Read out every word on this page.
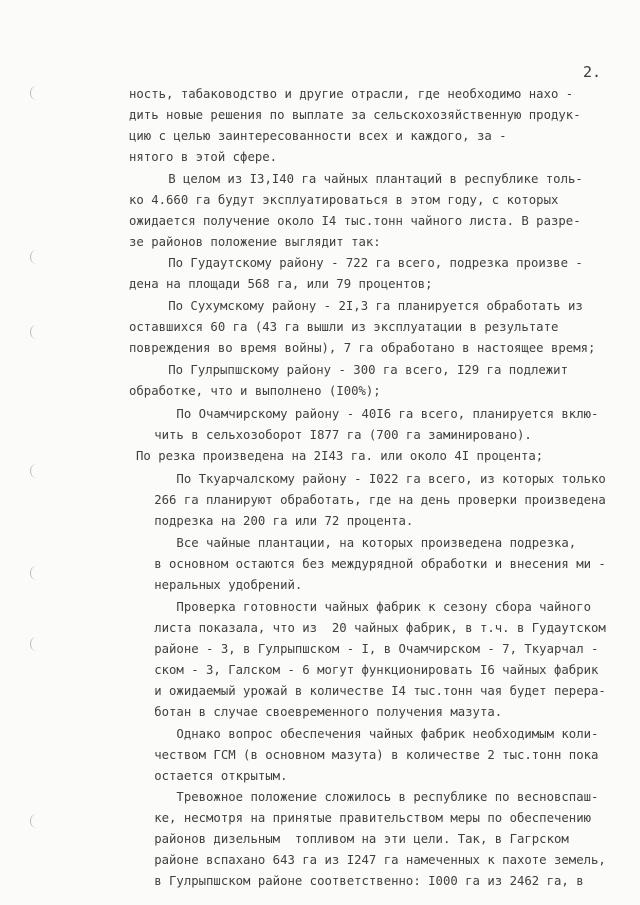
2.

ность, табаководство и другие отрасли, где необходимо нахо -

дить новые решения по выплате за сельскохозяйственную продук-

цию с целью заинтересованности всех и каждого, за -

нятого в этой сфере.

В целом из I3,I40 га чайных плантаций в республике толь-

ко 4.660 га будут эксплуатироваться в этом году, с которых

ожидается получение около I4 тыс.тонн чайного листа. В разре-

зе районов положение выглядит так:

По Гудаутскому району - 722 га всего, подрезка произве -

дена на площади 568 га, или 79 процентов;

По Сухумскому району - 2I,3 га планируется обработать из

оставшихся 60 га (43 га вышли из эксплуатации в результате

повреждения во время войны), 7 га обработано в настоящее время;

По Гулрыпшскому району - 300 га всего, I29 га подлежит

обработке, что и выполнено (I00%);

По Очамчирскому району - 40I6 га всего, планируется вклю-

чить в сельхозоборот I877 га (700 га заминировано).

По резка произведена на 2I43 га. или около 4I процента;

По Ткуарчалскому району - I022 га всего, из которых только

266 га планируют обработать, где на день проверки произведена

подрезка на 200 га или 72 процента.

Все чайные плантации, на которых произведена подрезка,

в основном остаются без междурядной обработки и внесения ми -

неральных удобрений.

Проверка готовности чайных фабрик к сезону сбора чайного

листа показала, что из  20 чайных фабрик, в т.ч. в Гудаутском

районе - 3, в Гулрыпшском - I, в Очамчирском - 7, Ткуарчал -

ском - 3, Галском - 6 могут функционировать I6 чайных фабрик

и ожидаемый урожай в количестве I4 тыс.тонн чая будет перера-

ботан в случае своевременного получения мазута.

Однако вопрос обеспечения чайных фабрик необходимым коли-

чеством ГСМ (в основном мазута) в количестве 2 тыс.тонн пока

остается открытым.

Тревожное положение сложилось в республике по весновспаш-

ке, несмотря на принятые правительством меры по обеспечению

районов дизельным  топливом на эти цели. Так, в Гагрском

районе вспахано 643 га из I247 га намеченных к пахоте земель,

в Гулрыпшском районе соответственно: I000 га из 2462 га, в
